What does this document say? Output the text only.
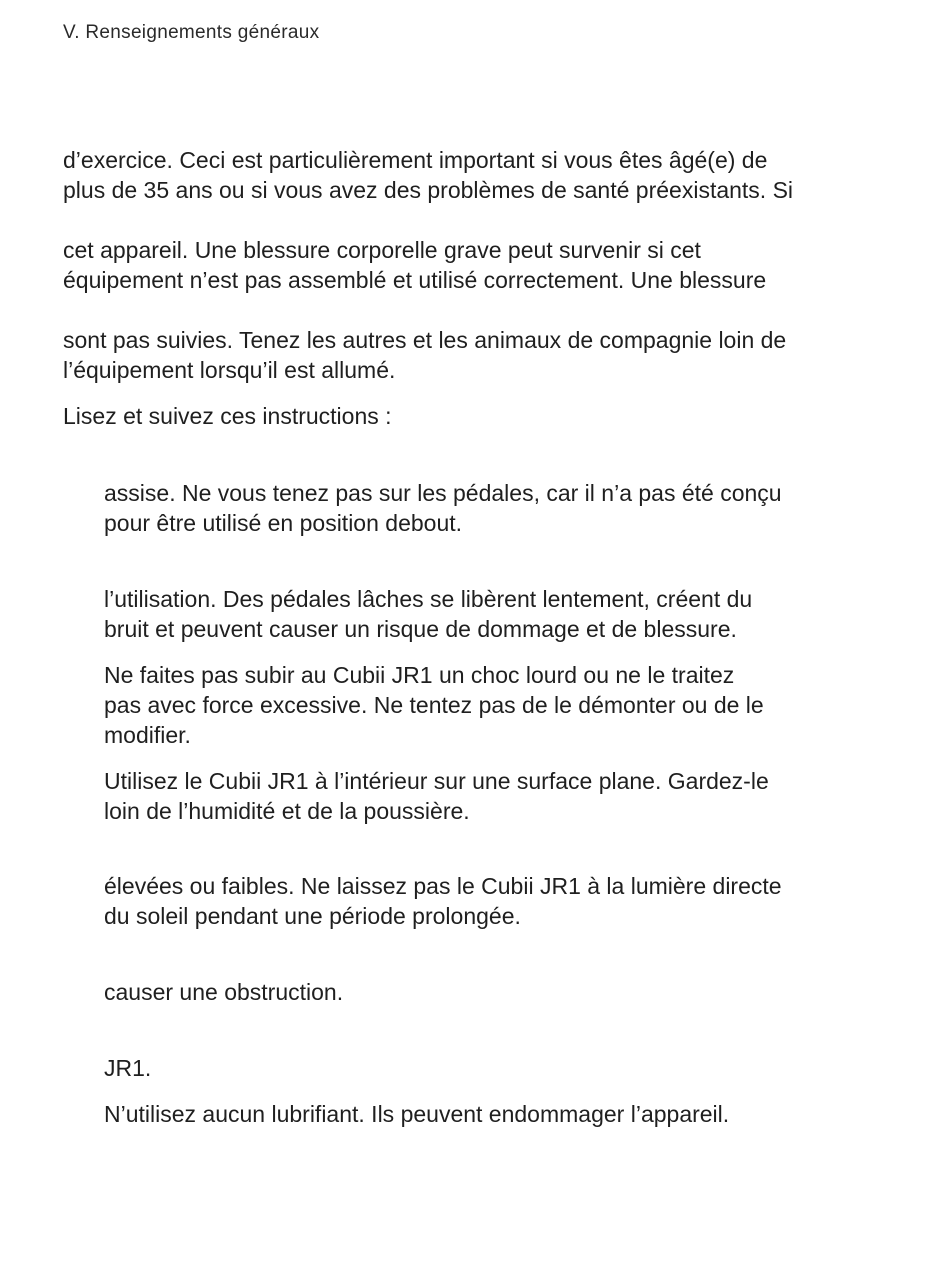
V. Renseignements généraux
d’exercice. Ceci est particulièrement important si vous êtes âgé(e) de
plus de 35 ans ou si vous avez des problèmes de santé préexistants. Si
cet appareil. Une blessure corporelle grave peut survenir si cet
équipement n’est pas assemblé et utilisé correctement. Une blessure
sont pas suivies. Tenez les autres et les animaux de compagnie loin de
l’équipement lorsqu’il est allumé.
Lisez et suivez ces instructions :
assise. Ne vous tenez pas sur les pédales, car il n’a pas été conçu
pour être utilisé en position debout.
l’utilisation. Des pédales lâches se libèrent lentement, créent du
bruit et peuvent causer un risque de dommage et de blessure.
Ne faites pas subir au Cubii JR1 un choc lourd ou ne le traitez
pas avec force excessive. Ne tentez pas de le démonter ou de le
modifier.
Utilisez le Cubii JR1 à l’intérieur sur une surface plane. Gardez-le
loin de l’humidité et de la poussière.
élevées ou faibles. Ne laissez pas le Cubii JR1 à la lumière directe
du soleil pendant une période prolongée.
causer une obstruction.
JR1.
N’utilisez aucun lubrifiant. Ils peuvent endommager l’appareil.
